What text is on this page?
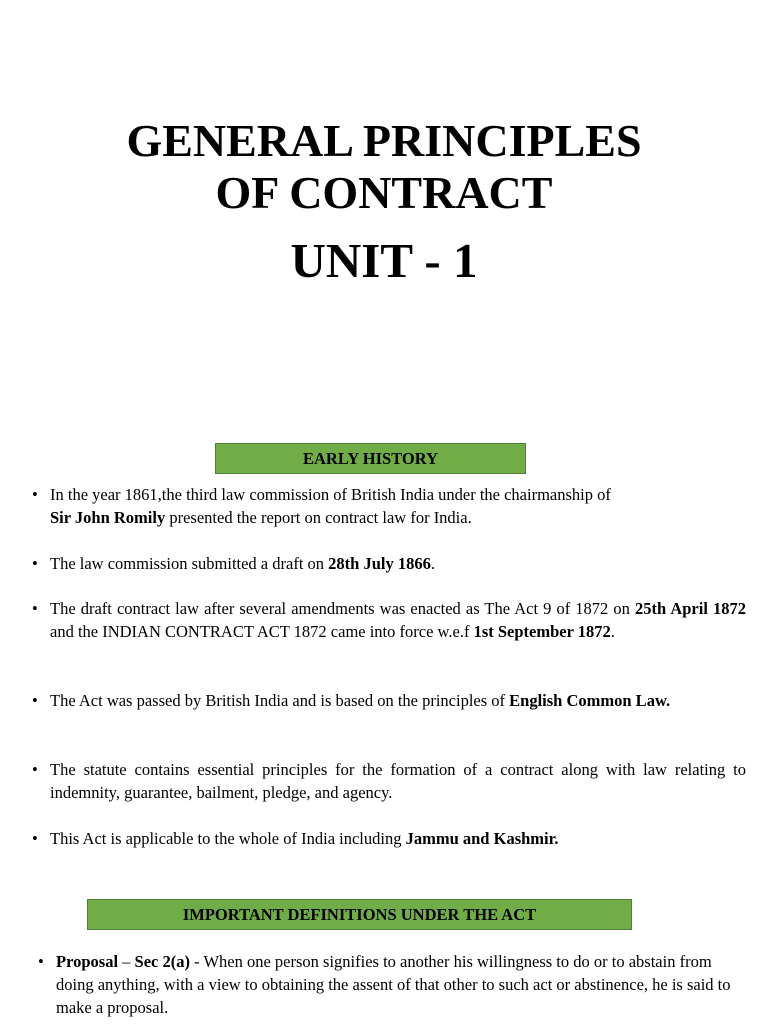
GENERAL PRINCIPLES
OF CONTRACT
UNIT - 1
EARLY HISTORY
• In the year 1861,the third law commission of British India under the chairmanship of
Sir John Romily presented the report on contract law for India.
• The law commission submitted a draft on 28th July 1866.
• The draft contract law after several amendments was enacted as The Act 9 of 1872 on 25th April 1872 and the INDIAN CONTRACT ACT 1872 came into force w.e.f 1st September 1872.
• The Act was passed by British India and is based on the principles of English Common Law.
• The statute contains essential principles for the formation of a contract along with law relating to indemnity, guarantee, bailment, pledge, and agency.
• This Act is applicable to the whole of India including Jammu and Kashmir.
IMPORTANT DEFINITIONS UNDER THE ACT
• Proposal – Sec 2(a) - When one person signifies to another his willingness to do or to abstain from doing anything, with a view to obtaining the assent of that other to such act or abstinence, he is said to make a proposal.
